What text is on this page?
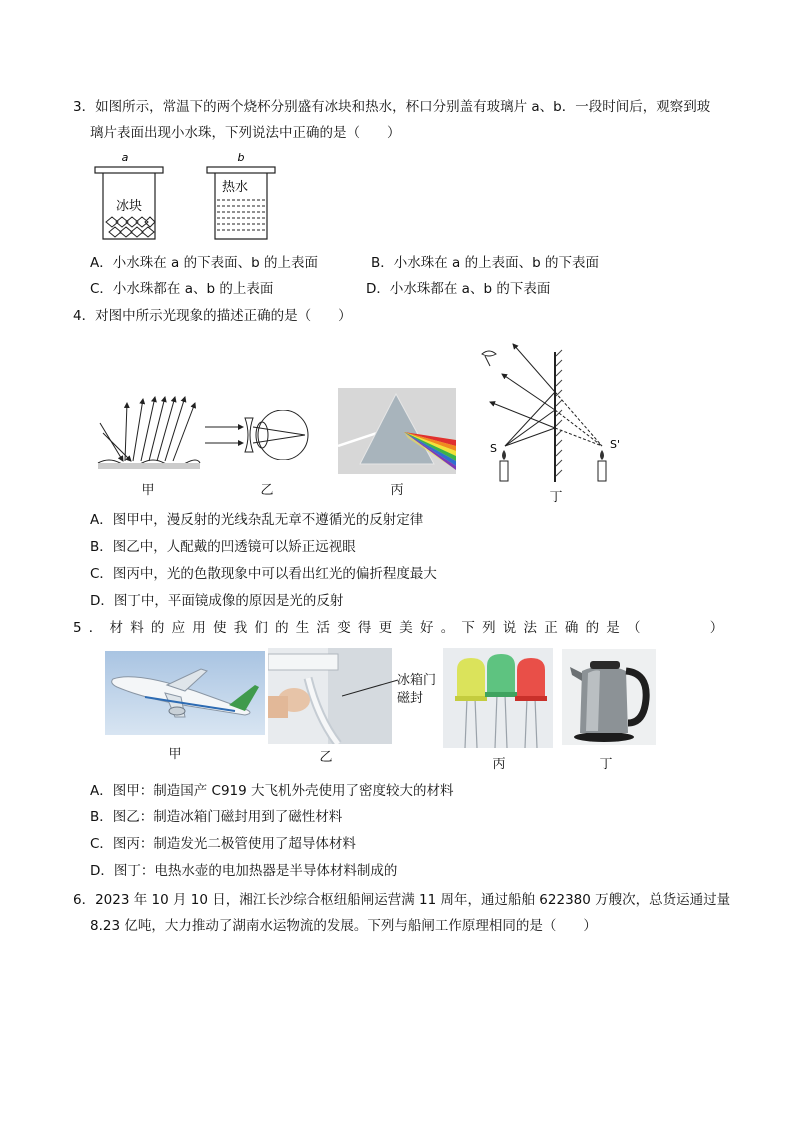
3．如图所示，常温下的两个烧杯分别盛有冰块和热水，杯口分别盖有玻璃片 a、b．一段时间后，观察到玻
璃片表面出现小水珠，下列说法中正确的是（　　）
a
冰块
b
热水
A．小水珠在 a 的下表面、b 的上表面	B．小水珠在 a 的上表面、b 的下表面
C．小水珠都在 a、b 的上表面	D．小水珠都在 a、b 的下表面
4．对图中所示光现象的描述正确的是（　　）
甲	乙	丙
S	S'
丁
A．图甲中，漫反射的光线杂乱无章不遵循光的反射定律
B．图乙中，人配戴的凹透镜可以矫正远视眼
C．图丙中，光的色散现象中可以看出红光的偏折程度最大
D．图丁中，平面镜成像的原因是光的反射
5．材料的应用使我们的生活变得更美好。下列说法正确的是（　　　）
甲
冰箱门
磁封
乙	丙	丁
A．图甲：制造国产 C919 大飞机外壳使用了密度较大的材料
B．图乙：制造冰箱门磁封用到了磁性材料
C．图丙：制造发光二极管使用了超导体材料
D．图丁：电热水壶的电加热器是半导体材料制成的
6．2023 年 10 月 10 日，湘江长沙综合枢纽船闸运营满 11 周年，通过船舶 622380 万艘次，总货运通过量
8.23 亿吨，大力推动了湖南水运物流的发展。下列与船闸工作原理相同的是（　　）
